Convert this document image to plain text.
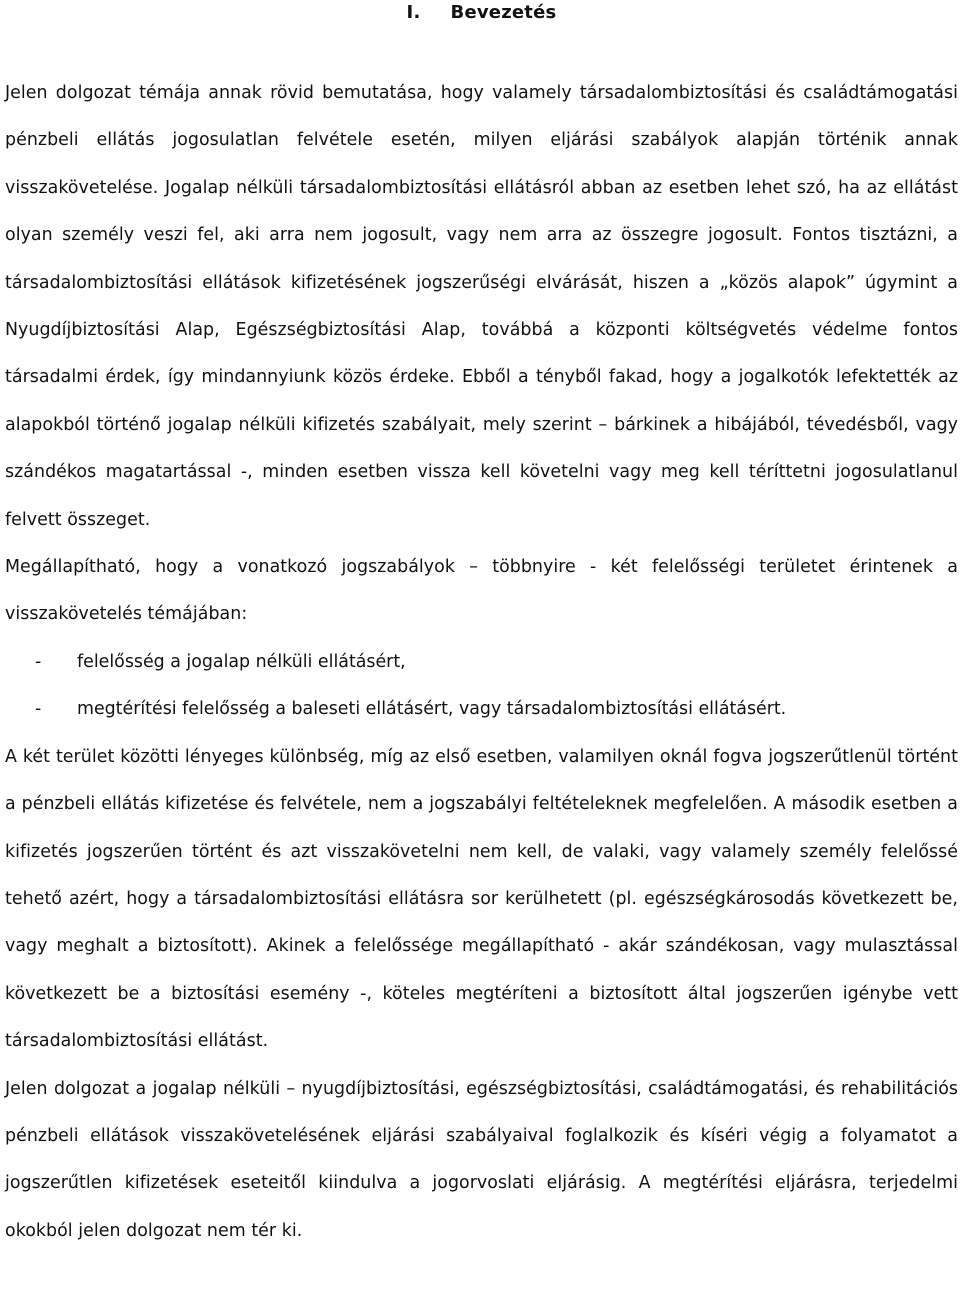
I. Bevezetés

Jelen dolgozat témája annak rövid bemutatása, hogy valamely társadalombiztosítási és családtámogatási pénzbeli ellátás jogosulatlan felvétele esetén, milyen eljárási szabályok alapján történik annak visszakövetelése. Jogalap nélküli társadalombiztosítási ellátásról abban az esetben lehet szó, ha az ellátást olyan személy veszi fel, aki arra nem jogosult, vagy nem arra az összegre jogosult. Fontos tisztázni, a társadalombiztosítási ellátások kifizetésének jogszerűségi elvárását, hiszen a „közös alapok” úgymint a Nyugdíjbiztosítási Alap, Egészségbiztosítási Alap, továbbá a központi költségvetés védelme fontos társadalmi érdek, így mindannyiunk közös érdeke. Ebből a tényből fakad, hogy a jogalkotók lefektették az alapokból történő jogalap nélküli kifizetés szabályait, mely szerint – bárkinek a hibájából, tévedésből, vagy szándékos magatartással -, minden esetben vissza kell követelni vagy meg kell téríttetni jogosulatlanul felvett összeget.

Megállapítható, hogy a vonatkozó jogszabályok – többnyire - két felelősségi területet érintenek a visszakövetelés témájában:

-	felelősség a jogalap nélküli ellátásért,
-	megtérítési felelősség a baleseti ellátásért, vagy társadalombiztosítási ellátásért.

A két terület közötti lényeges különbség, míg az első esetben, valamilyen oknál fogva jogszerűtlenül történt a pénzbeli ellátás kifizetése és felvétele, nem a jogszabályi feltételeknek megfelelően. A második esetben a kifizetés jogszerűen történt és azt visszakövetelni nem kell, de valaki, vagy valamely személy felelőssé tehető azért, hogy a társadalombiztosítási ellátásra sor kerülhetett (pl. egészségkárosodás következett be, vagy meghalt a biztosított). Akinek a felelőssége megállapítható - akár szándékosan, vagy mulasztással következett be a biztosítási esemény -, köteles megtéríteni a biztosított által jogszerűen igénybe vett társadalombiztosítási ellátást.

Jelen dolgozat a jogalap nélküli – nyugdíjbiztosítási, egészségbiztosítási, családtámogatási, és rehabilitációs pénzbeli ellátások visszakövetelésének eljárási szabályaival foglalkozik és kíséri végig a folyamatot a jogszerűtlen kifizetések eseteitől kiindulva a jogorvoslati eljárásig. A megtérítési eljárásra, terjedelmi okokból jelen dolgozat nem tér ki.
